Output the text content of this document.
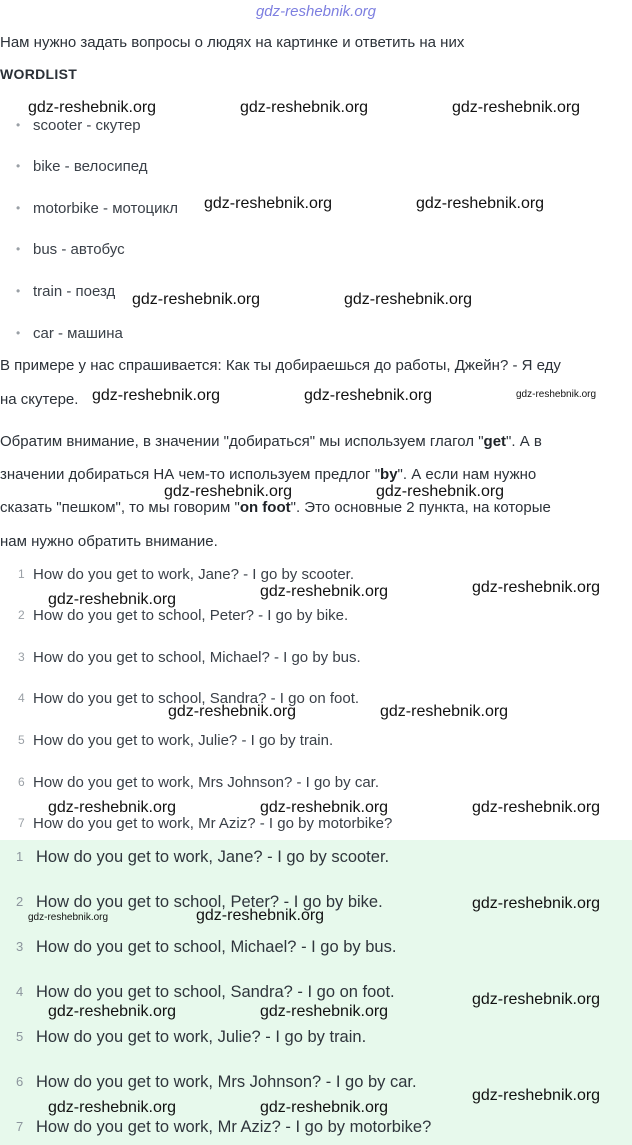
gdz-reshebnik.org
Нам нужно задать вопросы о людях на картинке и ответить на них
WORDLIST
• scooter - скутер
• bike - велосипед
• motorbike - мотоцикл
• bus - автобус
• train - поезд
• car - машина
В примере у нас спрашивается: Как ты добираешься до работы, Джейн? - Я еду
на скутере.
Обратим внимание, в значении "добираться" мы используем глагол "get". А в
значении добираться НА чем-то используем предлог "by". А если нам нужно
сказать "пешком", то мы говорим "on foot". Это основные 2 пункта, на которые
нам нужно обратить внимание.
1 How do you get to work, Jane? - I go by scooter.
2 How do you get to school, Peter? - I go by bike.
3 How do you get to school, Michael? - I go by bus.
4 How do you get to school, Sandra? - I go on foot.
5 How do you get to work, Julie? - I go by train.
6 How do you get to work, Mrs Johnson? - I go by car.
7 How do you get to work, Mr Aziz? - I go by motorbike?
1 How do you get to work, Jane? - I go by scooter.
2 How do you get to school, Peter? - I go by bike.
3 How do you get to school, Michael? - I go by bus.
4 How do you get to school, Sandra? - I go on foot.
5 How do you get to work, Julie? - I go by train.
6 How do you get to work, Mrs Johnson? - I go by car.
7 How do you get to work, Mr Aziz? - I go by motorbike?
gdz-reshebnik.org	gdz-reshebnik.org	gdz-reshebnik.org
gdz-reshebnik.org	gdz-reshebnik.org
gdz-reshebnik.org	gdz-reshebnik.org
gdz-reshebnik.org	gdz-reshebnik.org	gdz-reshebnik.org
gdz-reshebnik.org	gdz-reshebnik.org
gdz-reshebnik.org	gdz-reshebnik.org	gdz-reshebnik.org
gdz-reshebnik.org	gdz-reshebnik.org
gdz-reshebnik.org	gdz-reshebnik.org	gdz-reshebnik.org
gdz-reshebnik.org
gdz-reshebnik.org	gdz-reshebnik.org
gdz-reshebnik.org
gdz-reshebnik.org	gdz-reshebnik.org
gdz-reshebnik.org
gdz-reshebnik.org	gdz-reshebnik.org
